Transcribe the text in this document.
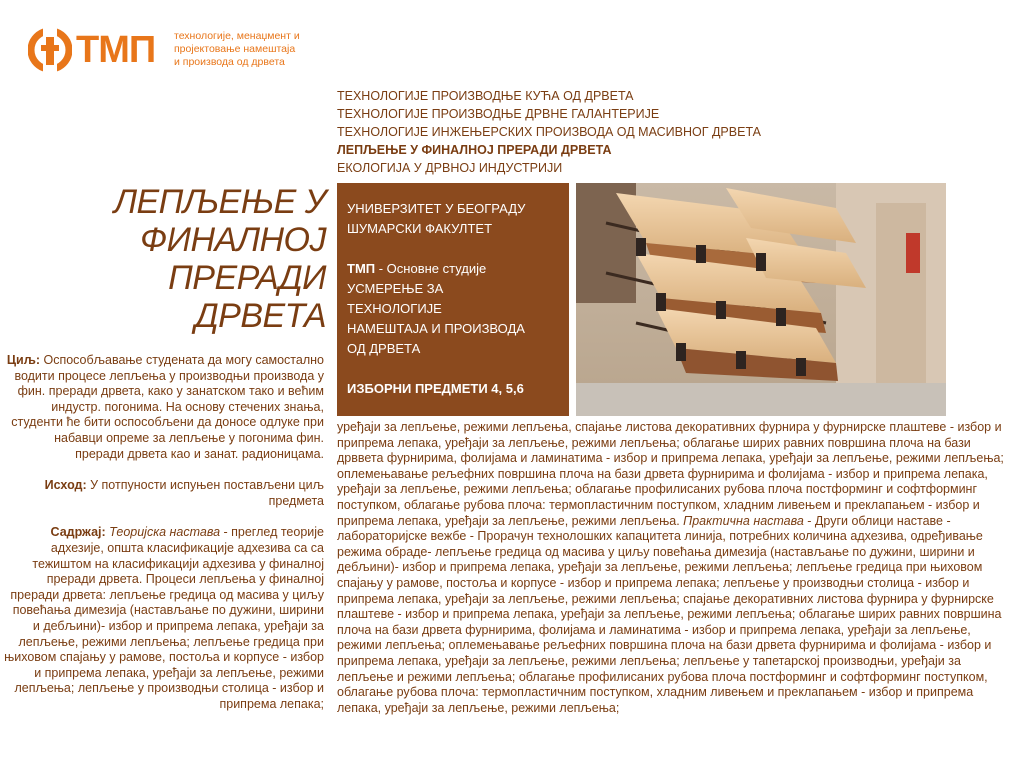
ТМП технологије, менаџмент и
пројектовање намештаја
и производа од дрвета
ТЕХНОЛОГИЈЕ ПРОИЗВОДЊЕ КУЋА ОД ДРВЕТА
ТЕХНОЛОГИЈЕ ПРОИЗВОДЊЕ ДРВНЕ ГАЛАНТЕРИЈЕ
ТЕХНОЛОГИЈЕ ИНЖЕЊЕРСКИХ ПРОИЗВОДА ОД МАСИВНОГ ДРВЕТА
ЛЕПЉЕЊЕ У ФИНАЛНОЈ ПРЕРАДИ ДРВЕТА
ЕКОЛОГИЈА У ДРВНОЈ ИНДУСТРИЈИ
ЛЕПЉЕЊЕ У
ФИНАЛНОЈ
ПРЕРАДИ
ДРВЕТА
УНИВЕРЗИТЕТ У БЕОГРАДУ
ШУМАРСКИ ФАКУЛТЕТ
ТМП - Основне студије
УСМЕРЕЊЕ ЗА
ТЕХНОЛОГИЈЕ
НАМЕШТАЈА И ПРОИЗВОДА
ОД ДРВЕТА
ИЗБОРНИ ПРЕДМЕТИ 4, 5,6
Циљ: Оспособљавање студената да могу самостално водити процесе лепљења у производњи производа у фин. преради дрвета, како у занатском тако и већим индустр. погонима. На основу стечених знања, студенти ће бити оспособљени да доносе одлуке при набавци опреме за лепљење у погонима фин. преради дрвета као и занат. радионицама.
Исход: У потпуности испуњен постављени циљ предмета
Садржај: Теоријска настава - преглед теорије адхезије, општа класификације адхезива са са тежиштом на класификацији адхезива у финалној преради дрвета. Процеси лепљења у финалној преради дрвета: лепљење гредица од масива у циљу повећања димезија (настављање по дужини, ширини и дебљини)- избор и припрема лепака, уређаји за лепљење, режими лепљења; лепљење гредица при њиховом спајању у рамове, постоља и корпусе - избор и припрема лепака, уређаји за лепљење, режими лепљења; лепљење у производњи столица - избор и припрема лепака;
уређаји за лепљење, режими лепљења, спајање листова декоративних фурнира у фурнирске плаштеве - избор и припрема лепака, уређаји за лепљење, режими лепљења; облагање ширих равних површина плоча на бази дрввета фурнирима, фолијама и ламинатима - избор и припрема лепака, уређаји за лепљење, режими лепљења; оплемењавање рељефних површина плоча на бази дрвета фурнирима и фолијама - избор и припрема лепака, уређаји за лепљење, режими лепљења; облагање профилисаних рубова плоча постформинг и софтформинг поступком, облагање рубова плоча: термопластичним поступком, хладним ливењем и преклапањем - избор и припрема лепака, уређаји за лепљење, режими лепљења. Практична настава - Други облици наставе - лабораторијске вежбе - Прорачун технолошких капацитета линија, потребних количина адхезива, одређивање режима обраде- лепљење гредица од масива у циљу повећања димезија (настављање по дужини, ширини и дебљини)- избор и припрема лепака, уређаји за лепљење, режими лепљења; лепљење гредица при њиховом спајању у рамове, постоља и корпусе - избор и припрема лепака; лепљење у производњи столица - избор и припрема лепака, уређаји за лепљење, режими лепљења; спајање декоративних листова фурнира у фурнирске плаштеве - избор и припрема лепака, уређаји за лепљење, режими лепљења; облагање ширих равних површина плоча на бази дрвета фурнирима, фолијама и ламинатима - избор и припрема лепака, уређаји за лепљење, режими лепљења; оплемењавање рељефних површина плоча на бази дрвета фурнирима и фолијама - избор и припрема лепака, уређаји за лепљење, режими лепљења; лепљење у тапетарској производњи, уређаји за лепљење и режими лепљења; облагање профилисаних рубова плоча постформинг и софтформинг поступком, облагање рубова плоча: термопластичним поступком, хладним ливењем и преклапањем - избор и припрема лепака, уређаји за лепљење, режими лепљења;
